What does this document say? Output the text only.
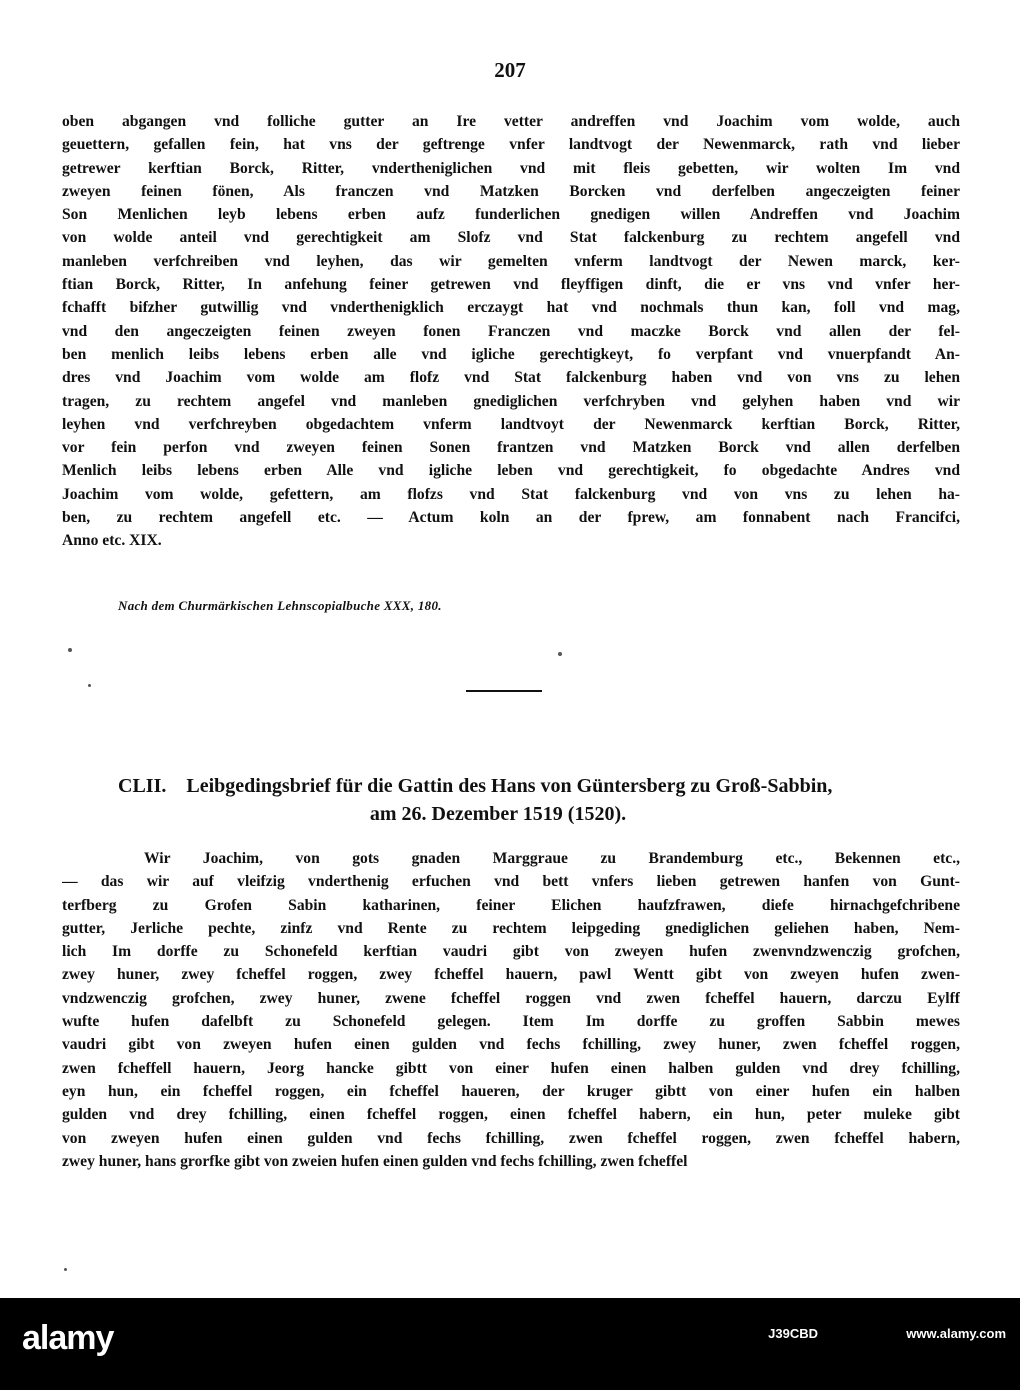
207
oben abgangen vnd folliche gutter an Ire vetter andreffen vnd Joachim vom wolde, auch
geuettern, gefallen fein, hat vns der geftrenge vnfer landtvogt der Newenmarck, rath vnd lieber
getrewer kerftian Borck, Ritter, vndertheniglichen vnd mit fleis gebetten, wir wolten Im vnd
zweyen feinen fönen, Als franczen vnd Matzken Borcken vnd derfelben angeczeigten feiner
Son Menlichen leyb lebens erben aufz funderlichen gnedigen willen Andreffen vnd Joachim
von wolde anteil vnd gerechtigkeit am Slofz vnd Stat falckenburg zu rechtem angefell vnd
manleben verfchreiben vnd leyhen, das wir gemelten vnferm landtvogt der Newen marck, ker-
ftian Borck, Ritter, In anfehung feiner getrewen vnd fleyffigen dinft, die er vns vnd vnfer her-
fchafft bifzher gutwillig vnd vnderthenigklich erczaygt hat vnd nochmals thun kan, foll vnd mag,
vnd den angeczeigten feinen zweyen fonen Franczen vnd maczke Borck vnd allen der fel-
ben menlich leibs lebens erben alle vnd igliche gerechtigkeyt, fo verpfant vnd vnuerpfandt An-
dres vnd Joachim vom wolde am flofz vnd Stat falckenburg haben vnd von vns zu lehen
tragen, zu rechtem angefel vnd manleben gnediglichen verfchryben vnd gelyhen haben vnd wir
leyhen vnd verfchreyben obgedachtem vnferm landtvoyt der Newenmarck kerftian Borck, Ritter,
vor fein perfon vnd zweyen feinen Sonen frantzen vnd Matzken Borck vnd allen derfelben
Menlich leibs lebens erben Alle vnd igliche leben vnd gerechtigkeit, fo obgedachte Andres vnd
Joachim vom wolde, gefettern, am flofzs vnd Stat falckenburg vnd von vns zu lehen ha-
ben, zu rechtem angefell etc. — Actum koln an der fprew, am fonnabent nach Francifci,
Anno etc. XIX.
Nach dem Churmärkischen Lehnscopialbuche XXX, 180.
CLII. Leibgedingsbrief für die Gattin des Hans von Güntersberg zu Groß-Sabbin,
am 26. Dezember 1519 (1520).
Wir Joachim, von gots gnaden Marggraue zu Brandemburg etc., Bekennen etc.,
— das wir auf vleifzig vnderthenig erfuchen vnd bett vnfers lieben getrewen hanfen von Gunt-
terfberg zu Grofen Sabin katharinen, feiner Elichen haufzfrawen, diefe hirnachgefchribene
gutter, Jerliche pechte, zinfz vnd Rente zu rechtem leipgeding gnediglichen geliehen haben, Nem-
lich Im dorffe zu Schonefeld kerftian vaudri gibt von zweyen hufen zwenvndzwenczig grofchen,
zwey huner, zwey fcheffel roggen, zwey fcheffel hauern, pawl Wentt gibt von zweyen hufen zwen-
vndzwenczig grofchen, zwey huner, zwene fcheffel roggen vnd zwen fcheffel hauern, darczu Eylff
wufte hufen dafelbft zu Schonefeld gelegen. Item Im dorffe zu groffen Sabbin mewes
vaudri gibt von zweyen hufen einen gulden vnd fechs fchilling, zwey huner, zwen fcheffel roggen,
zwen fcheffell hauern, Jeorg hancke gibtt von einer hufen einen halben gulden vnd drey fchilling,
eyn hun, ein fcheffel roggen, ein fcheffel haueren, der kruger gibtt von einer hufen ein halben
gulden vnd drey fchilling, einen fcheffel roggen, einen fcheffel habern, ein hun, peter muleke gibt
von zweyen hufen einen gulden vnd fechs fchilling, zwen fcheffel roggen, zwen fcheffel habern,
zwey huner, hans grorfke gibt von zweien hufen einen gulden vnd fechs fchilling, zwen fcheffel
alamy	J39CBD	www.alamy.com
